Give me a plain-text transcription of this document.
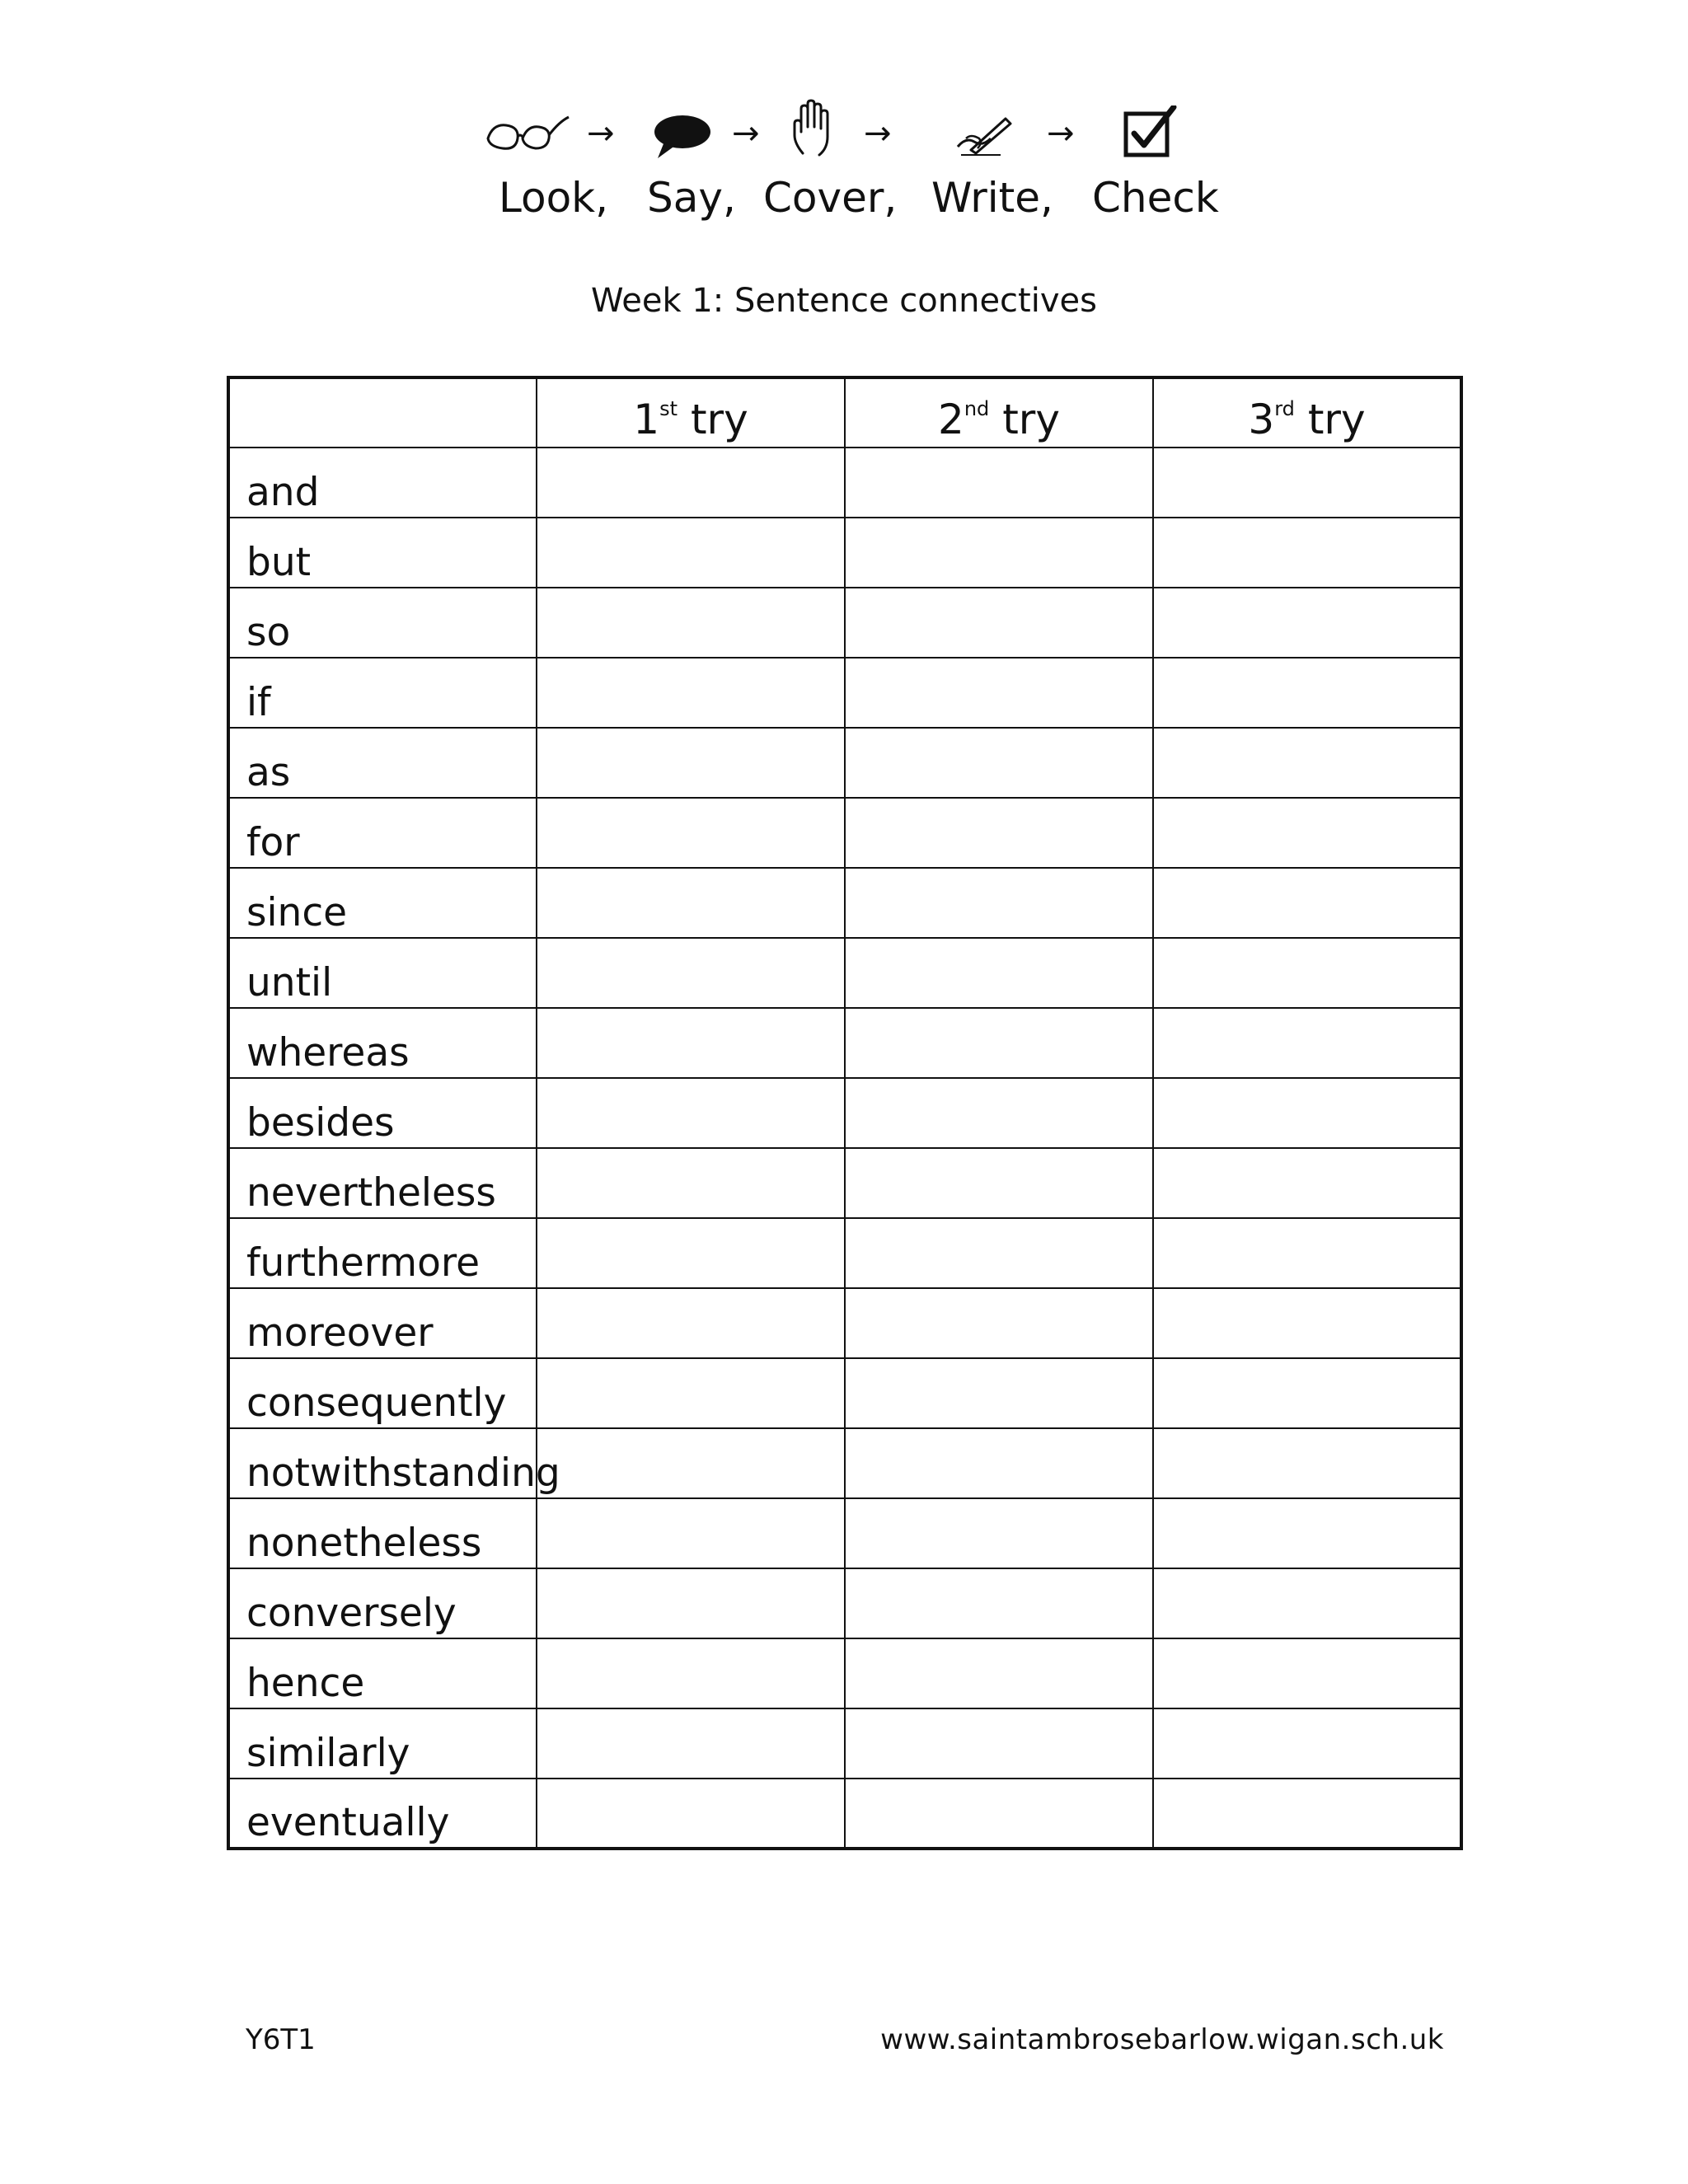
→	→	→	→
Look, Say, Cover, Write, Check
Week 1: Sentence connectives
	1st try	2nd try	3rd try
and			
but			
so			
if			
as			
for			
since			
until			
whereas			
besides			
nevertheless			
furthermore			
moreover			
consequently			
notwithstanding			
nonetheless			
conversely			
hence			
similarly			
eventually			
Y6T1	www.saintambrosebarlow.wigan.sch.uk
